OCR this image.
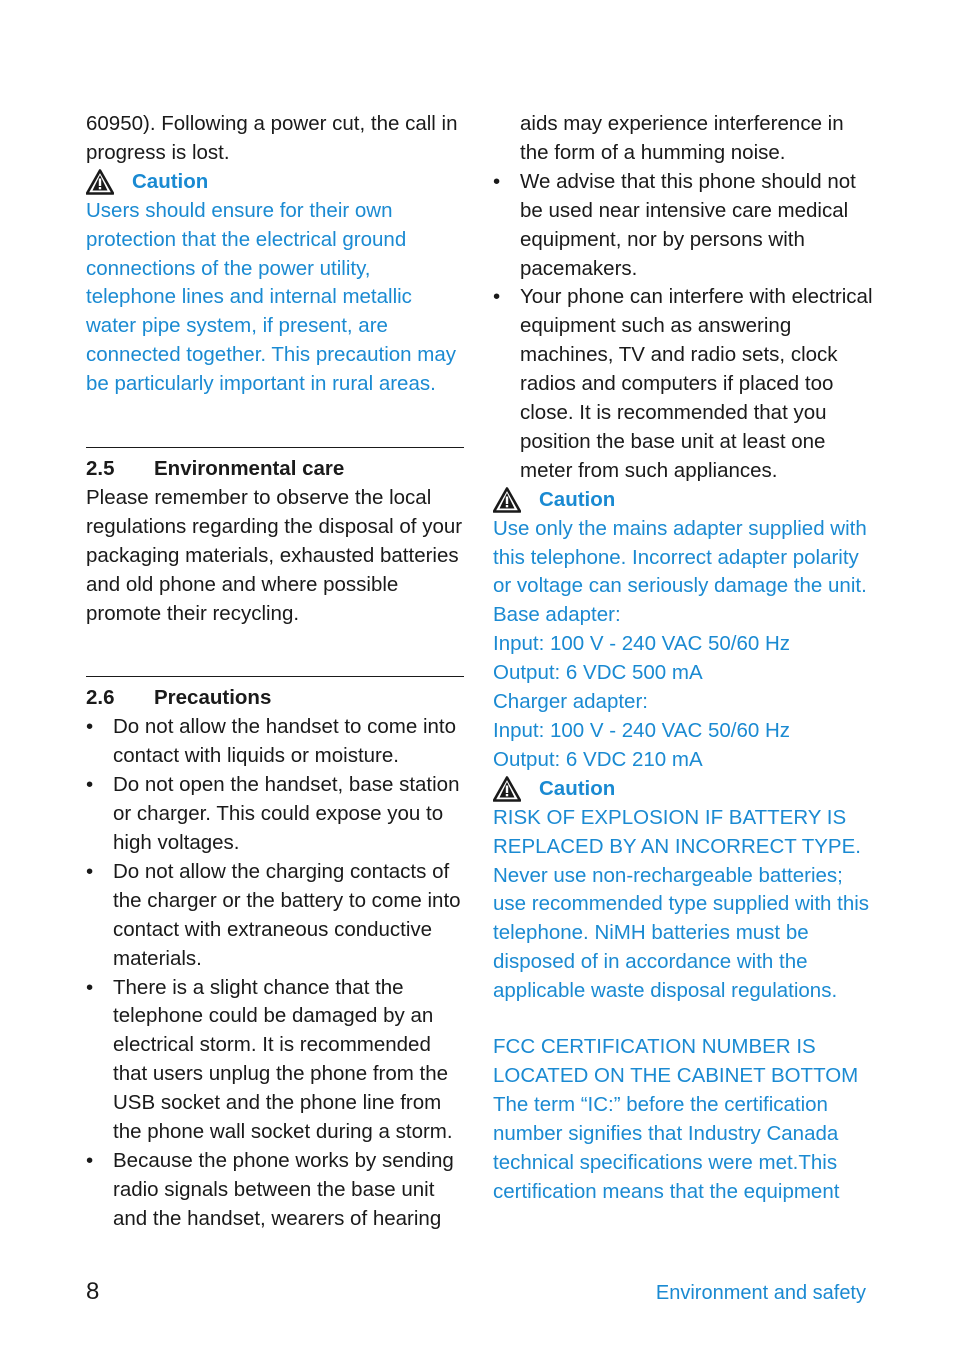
60950). Following a power cut, the call in progress is lost.

Caution

Users should ensure for their own protection that the electrical ground connections of the power utility, telephone lines and internal metallic water pipe system, if present, are connected together. This precaution may be particularly important in rural areas.

2.5	Environmental care

Please remember to observe the local regulations regarding the disposal of your packaging materials, exhausted batteries and old phone and where possible promote their recycling.

2.6	Precautions
• Do not allow the handset to come into contact with liquids or moisture.
• Do not open the handset, base station or charger. This could expose you to high voltages.
• Do not allow the charging contacts of the charger or the battery to come into contact with extraneous conductive materials.
• There is a slight chance that the telephone could be damaged by an electrical storm. It is recommended that users unplug the phone from the USB socket and the phone line from the phone wall socket during a storm.
• Because the phone works by sending radio signals between the base unit and the handset, wearers of hearing

aids may experience interference in the form of a humming noise.

• We advise that this phone should not be used near intensive care medical equipment, nor by persons with pacemakers.
• Your phone can interfere with electrical equipment such as answering machines, TV and radio sets, clock radios and computers if placed too close. It is recommended that you position the base unit at least one meter from such appliances.
Caution

Use only the mains adapter supplied with this telephone. Incorrect adapter polarity or voltage can seriously damage the unit.

Base adapter:

Input: 100 V - 240 VAC 50/60 Hz

Output: 6 VDC 500 mA

Charger adapter:

Input: 100 V - 240 VAC 50/60 Hz

Output: 6 VDC 210 mA

Caution

RISK OF EXPLOSION IF BATTERY IS REPLACED BY AN INCORRECT TYPE. Never use non-rechargeable batteries; use recommended type supplied with this telephone. NiMH batteries must be disposed of in accordance with the applicable waste disposal regulations.

FCC CERTIFICATION NUMBER IS LOCATED ON THE CABINET BOTTOM

The term “IC:” before the certification number signifies that Industry Canada technical specifications were met.This certification means that the equipment

8	Environment and safety
